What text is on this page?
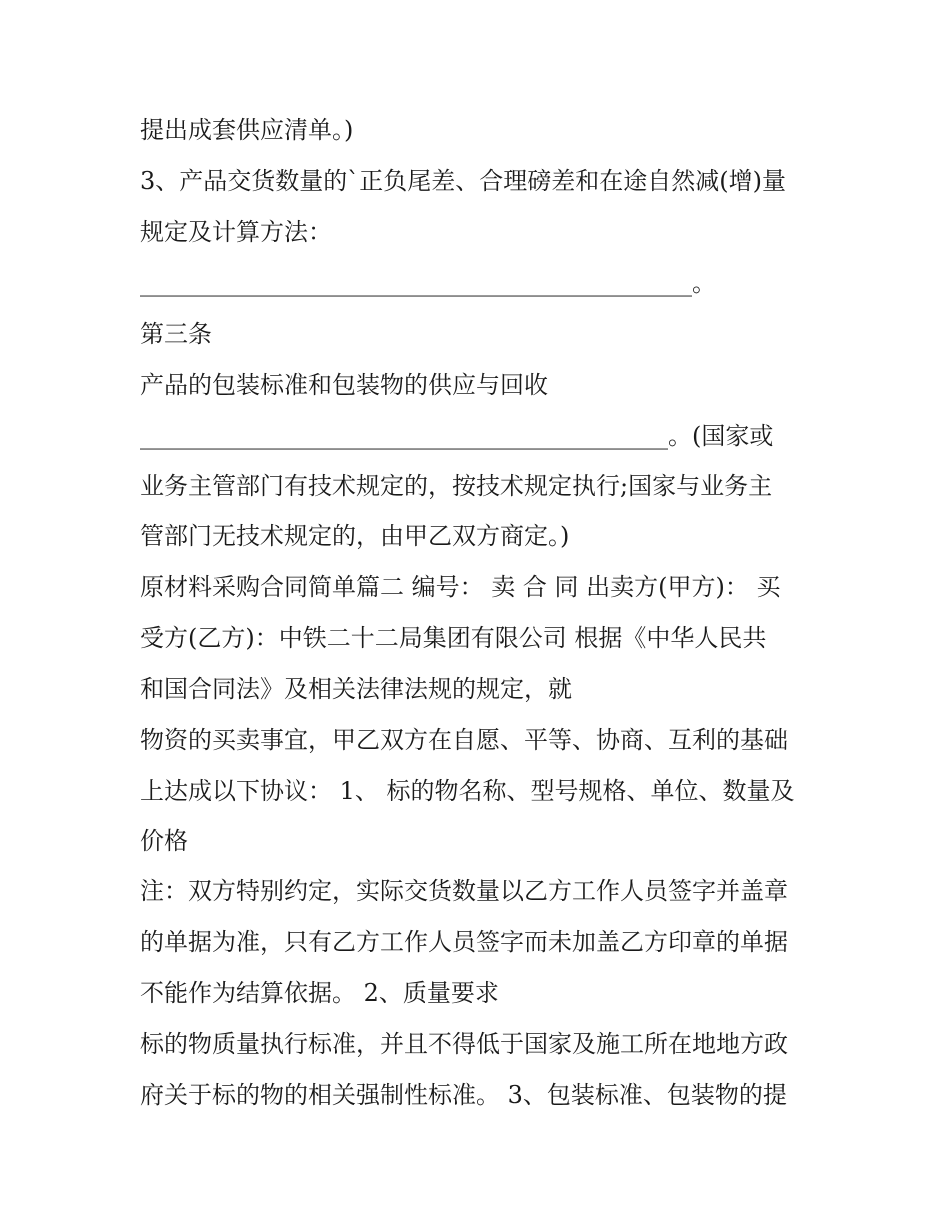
提出成套供应清单。)
3、产品交货数量的`正负尾差、合理磅差和在途自然减(增)量
规定及计算方法：
______________________________________________。
第三条
产品的包装标准和包装物的供应与回收
____________________________________________。(国家或
业务主管部门有技术规定的，按技术规定执行;国家与业务主
管部门无技术规定的，由甲乙双方商定。)
原材料采购合同简单篇二 编号： 卖 合 同 出卖方(甲方)： 买
受方(乙方)：中铁二十二局集团有限公司 根据《中华人民共
和国合同法》及相关法律法规的规定，就
物资的买卖事宜，甲乙双方在自愿、平等、协商、互利的基础
上达成以下协议： 1、 标的物名称、型号规格、单位、数量及
价格
注：双方特别约定，实际交货数量以乙方工作人员签字并盖章
的单据为准，只有乙方工作人员签字而未加盖乙方印章的单据
不能作为结算依据。 2、质量要求
标的物质量执行标准，并且不得低于国家及施工所在地地方政
府关于标的物的相关强制性标准。 3、包装标准、包装物的提
